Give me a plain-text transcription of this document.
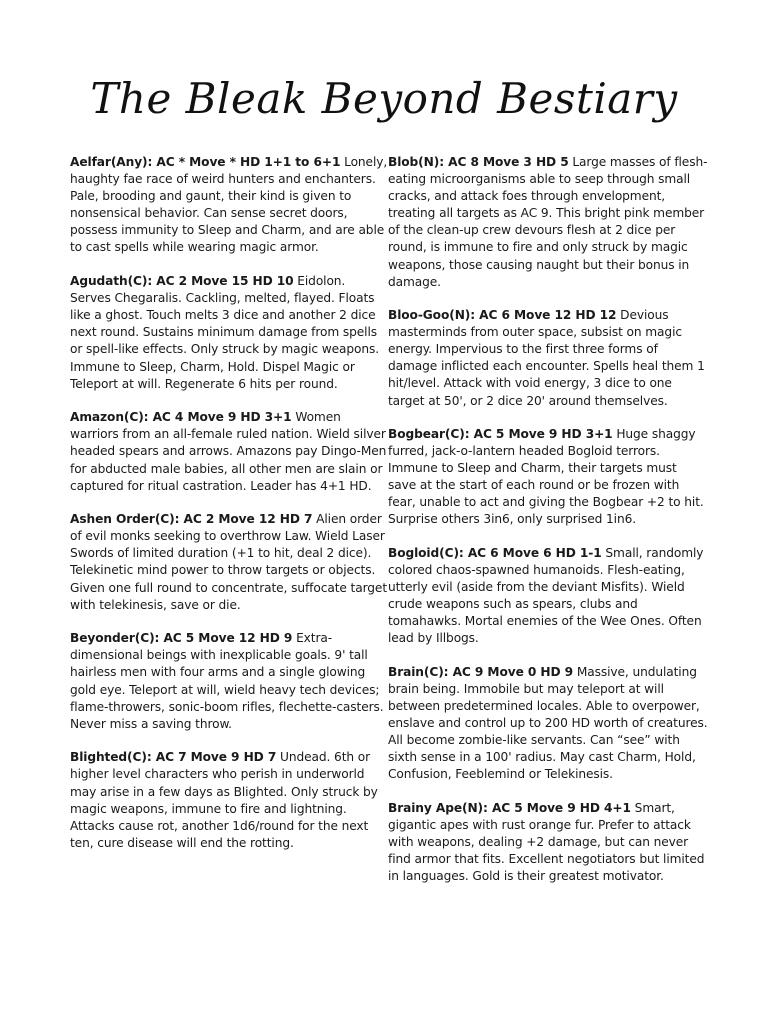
The Bleak Beyond Bestiary

Aelfar(Any): AC * Move * HD 1+1 to 6+1 Lonely, haughty fae race of weird hunters and enchanters. Pale, brooding and gaunt, their kind is given to nonsensical behavior. Can sense secret doors, possess immunity to Sleep and Charm, and are able to cast spells while wearing magic armor.

Agudath(C): AC 2 Move 15 HD 10 Eidolon. Serves Chegaralis. Cackling, melted, flayed. Floats like a ghost. Touch melts 3 dice and another 2 dice next round. Sustains minimum damage from spells or spell-like effects. Only struck by magic weapons. Immune to Sleep, Charm, Hold. Dispel Magic or Teleport at will. Regenerate 6 hits per round.

Amazon(C): AC 4 Move 9 HD 3+1 Women warriors from an all-female ruled nation. Wield silver headed spears and arrows. Amazons pay Dingo-Men for abducted male babies, all other men are slain or captured for ritual castration. Leader has 4+1 HD.

Ashen Order(C): AC 2 Move 12 HD 7 Alien order of evil monks seeking to overthrow Law. Wield Laser Swords of limited duration (+1 to hit, deal 2 dice). Telekinetic mind power to throw targets or objects. Given one full round to concentrate, suffocate target with telekinesis, save or die.

Beyonder(C): AC 5 Move 12 HD 9 Extra-dimensional beings with inexplicable goals. 9' tall hairless men with four arms and a single glowing gold eye. Teleport at will, wield heavy tech devices; flame-throwers, sonic-boom rifles, flechette-casters. Never miss a saving throw.

Blighted(C): AC 7 Move 9 HD 7 Undead. 6th or higher level characters who perish in underworld may arise in a few days as Blighted. Only struck by magic weapons, immune to fire and lightning. Attacks cause rot, another 1d6/round for the next ten, cure disease will end the rotting.

Blob(N): AC 8 Move 3 HD 5 Large masses of flesh-eating microorganisms able to seep through small cracks, and attack foes through envelopment, treating all targets as AC 9. This bright pink member of the clean-up crew devours flesh at 2 dice per round, is immune to fire and only struck by magic weapons, those causing naught but their bonus in damage.

Bloo-Goo(N): AC 6 Move 12 HD 12 Devious masterminds from outer space, subsist on magic energy. Impervious to the first three forms of damage inflicted each encounter. Spells heal them 1 hit/level. Attack with void energy, 3 dice to one target at 50', or 2 dice 20' around themselves.

Bogbear(C): AC 5 Move 9 HD 3+1 Huge shaggy furred, jack-o-lantern headed Bogloid terrors. Immune to Sleep and Charm, their targets must save at the start of each round or be frozen with fear, unable to act and giving the Bogbear +2 to hit. Surprise others 3in6, only surprised 1in6.

Bogloid(C): AC 6 Move 6 HD 1-1 Small, randomly colored chaos-spawned humanoids. Flesh-eating, utterly evil (aside from the deviant Misfits). Wield crude weapons such as spears, clubs and tomahawks. Mortal enemies of the Wee Ones. Often lead by Illbogs.

Brain(C): AC 9 Move 0 HD 9 Massive, undulating brain being. Immobile but may teleport at will between predetermined locales. Able to overpower, enslave and control up to 200 HD worth of creatures. All become zombie-like servants. Can “see” with sixth sense in a 100' radius. May cast Charm, Hold, Confusion, Feeblemind or Telekinesis.

Brainy Ape(N): AC 5 Move 9 HD 4+1 Smart, gigantic apes with rust orange fur. Prefer to attack with weapons, dealing +2 damage, but can never find armor that fits. Excellent negotiators but limited in languages. Gold is their greatest motivator.
